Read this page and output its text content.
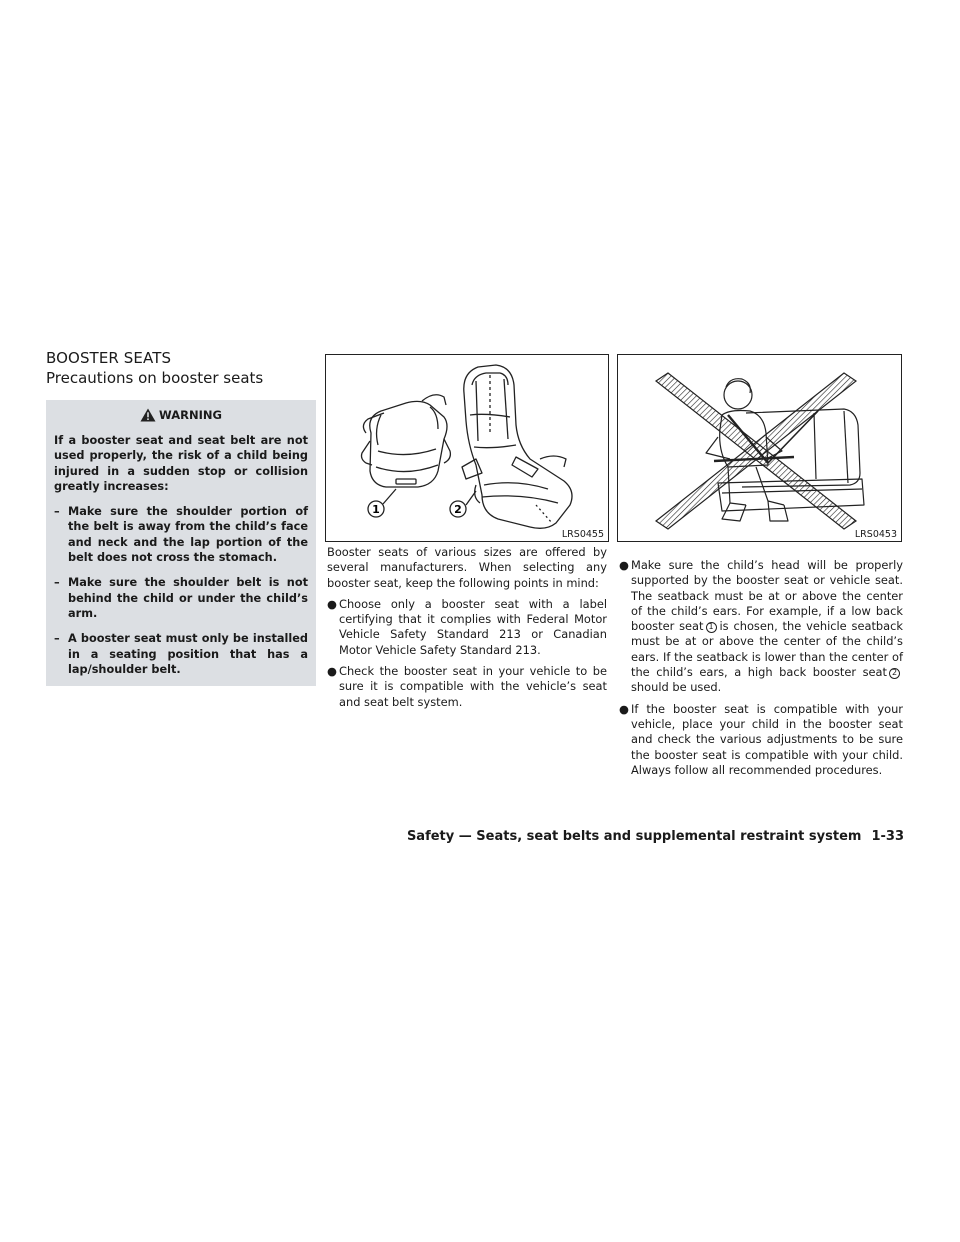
BOOSTER SEATS
Precautions on booster seats
WARNING

If a booster seat and seat belt are not used properly, the risk of a child being injured in a sudden stop or collision greatly increases:

– Make sure the shoulder portion of the belt is away from the child’s face and neck and the lap portion of the belt does not cross the stomach.
– Make sure the shoulder belt is not behind the child or under the child’s arm.
– A booster seat must only be installed in a seating position that has a lap/shoulder belt.
1	2
LRS0455	LRS0453

Booster seats of various sizes are offered by several manufacturers. When selecting any booster seat, keep the following points in mind:

● Choose only a booster seat with a label certifying that it complies with Federal Motor Vehicle Safety Standard 213 or Canadian Motor Vehicle Safety Standard 213.
● Check the booster seat in your vehicle to be sure it is compatible with the vehicle’s seat and seat belt system.
● Make sure the child’s head will be properly supported by the booster seat or vehicle seat. The seatback must be at or above the center of the child’s ears. For example, if a low back booster seat 1 is chosen, the vehicle seatback must be at or above the center of the child’s ears. If the seatback is lower than the center of the child’s ears, a high back booster seat 2should be used.
● If the booster seat is compatible with your vehicle, place your child in the booster seat and check the various adjustments to be sure the booster seat is compatible with your child. Always follow all recommended procedures.
Safety — Seats, seat belts and supplemental restraint system 1-33
